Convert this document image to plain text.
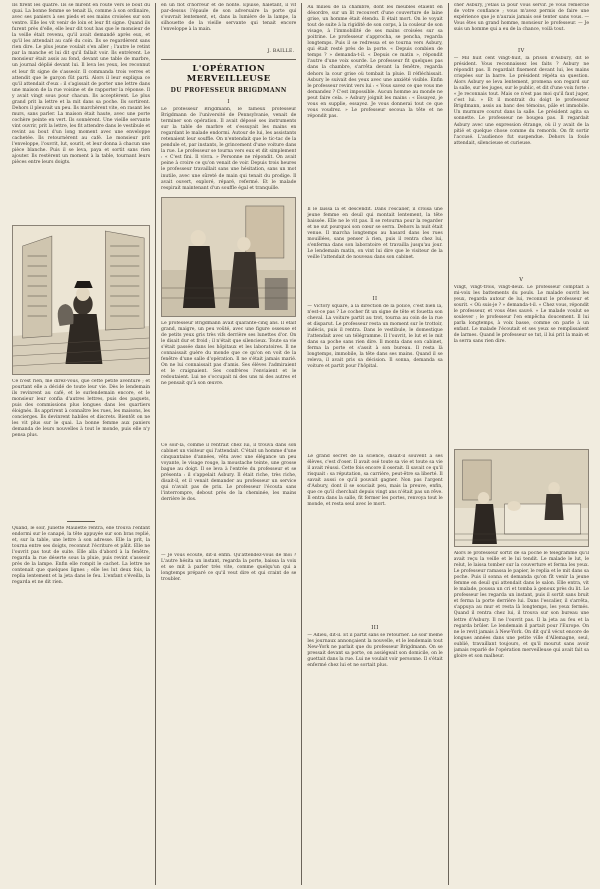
Ils firent les quatre. Ils se mirent en route vers le bout du quai. La bonne femme se tenait là, comme à son ordinaire, avec ses paniers à ses pieds et ses mains croisées sur son ventre. Elle les vit venir de loin et leur fit signe. Quand ils furent près d'elle, elle leur dit tout bas que le monsieur de la veille était revenu, qu'il avait demandé après eux, et qu'il les attendait au café du coin. Ils se regardèrent sans rien dire. Le plus jeune voulait s'en aller ; l'autre le retint par la manche et lui dit qu'il fallait voir. Ils entrèrent. Le monsieur était assis au fond, devant une table de marbre, un journal déplié devant lui. Il leva les yeux, les reconnut et leur fit signe de s'asseoir. Il commanda trois verres et attendit que le garçon fût parti. Alors il leur expliqua ce qu'il attendait d'eux : il s'agissait de porter une lettre dans une maison de la rue voisine et de rapporter la réponse. Il y avait vingt sous pour chacun. Ils acceptèrent. Le plus grand prit la lettre et la mit dans sa poche. Ils sortirent. Dehors il pleuvait un peu. Ils marchèrent vite, en rasant les murs, sans parler. La maison était haute, avec une porte cochère peinte en vert. Ils sonnèrent. Une vieille servante vint ouvrir, prit la lettre, les fit attendre dans le vestibule et revint au bout d'un long moment avec une enveloppe cachetée. Ils retournèrent au café. Le monsieur prit l'enveloppe, l'ouvrit, lut, sourit, et leur donna à chacun une pièce blanche. Puis il se leva, paya et sortit sans rien ajouter. Ils restèrent un moment à la table, tournant leurs pièces entre leurs doigts.
Ce n'est rien, me direz-vous, que cette petite aventure ; et pourtant elle a décidé de toute leur vie. Dès le lendemain ils revinrent au café, et le surlendemain encore, et le monsieur leur confia d'autres lettres, puis des paquets, puis des commissions plus longues dans les quartiers éloignés. Ils apprirent à connaître les rues, les maisons, les concierges. Ils devinrent habiles et discrets. Bientôt on ne les vit plus sur le quai. La bonne femme aux paniers demanda de leurs nouvelles à tout le monde, puis elle n'y pensa plus.
Quand, le soir, Juliette Maulette rentra, elle trouva l'enfant endormi sur le canapé, la tête appuyée sur son bras replié, et, sur la table, une lettre à son adresse. Elle la prit, la tourna entre ses doigts, reconnut l'écriture et pâlit. Elle ne l'ouvrit pas tout de suite. Elle alla d'abord à la fenêtre, regarda la rue déserte sous la pluie, puis revint s'asseoir près de la lampe. Enfin elle rompit le cachet. La lettre ne contenait que quelques lignes ; elle les lut deux fois, la replia lentement et la jeta dans le feu. L'enfant s'éveilla, la regarda et ne dit rien.
en un flot d'horreur et de honte. Épuisé, haletant, il vit par-dessus l'épaule de son adversaire la porte qui s'ouvrait lentement, et, dans la lumière de la lampe, la silhouette de la vieille servante qui tenait encore l'enveloppe à la main.
J. BAILLE.
L'OPÉRATION MERVEILLEUSE
DU PROFESSEUR BRIGDMANN
I
Le professeur Brigdmann, le fameux professeur Brigdmann de l'université de Pennsylvanie, venait de terminer son opération. Il avait déposé ses instruments sur la table de marbre et s'essuyait les mains en regardant le malade endormi. Autour de lui, les assistants retenaient leur souffle. On n'entendait que le tic-tac de la pendule et, par instants, le grincement d'une voiture dans la rue. Le professeur se tourna vers eux et dit simplement : « C'est fini. Il vivra. » Personne ne répondit. On avait peine à croire ce qu'on venait de voir. Depuis trois heures le professeur travaillait sans une hésitation, sans un mot inutile, avec une sûreté de main qui tenait du prodige. Il avait ouvert, exploré, réparé, refermé. Et le malade respirait maintenant d'un souffle égal et tranquille.
Le professeur Brigdmann avait quarante-cinq ans. Il était grand, maigre, un peu voûté, avec une figure osseuse et de petits yeux gris très vifs derrière ses lunettes d'or. On le disait dur et froid ; il n'était que silencieux. Toute sa vie s'était passée dans les hôpitaux et les laboratoires. Il ne connaissait guère du monde que ce qu'on en voit de la fenêtre d'une salle d'opération. Il ne s'était jamais marié. On ne lui connaissait pas d'amis. Ses élèves l'admiraient et le craignaient. Ses confrères l'enviaient et le redoutaient. Lui ne s'occupait ni des uns ni des autres et ne pensait qu'à son œuvre.
Ce soir-là, comme il rentrait chez lui, il trouva dans son cabinet un visiteur qui l'attendait. C'était un homme d'une cinquantaine d'années, vêtu avec une élégance un peu voyante, le visage rouge, la moustache teinte, une grosse bague au doigt. Il se leva à l'entrée du professeur et se présenta : il s'appelait Asbury. Il était riche, très riche, disait-il, et il venait demander au professeur un service qui n'avait pas de prix. Le professeur l'écouta sans l'interrompre, debout près de la cheminée, les mains derrière le dos.
— Je vous écoute, dit-il enfin. Qu'attendez-vous de moi ? L'autre hésita un instant, regarda la porte, baissa la voix et se mit à parler très vite, comme quelqu'un qui a longtemps préparé ce qu'il veut dire et qui craint de se troubler.
Au milieu de la chambre, dont les meubles étaient en désordre, sur un lit recouvert d'une couverture de laine grise, un homme était étendu. Il était mort. On le voyait tout de suite à la rigidité de son corps, à la couleur de son visage, à l'immobilité de ses mains croisées sur sa poitrine. Le professeur s'approcha, se pencha, regarda longtemps. Puis il se redressa et se tourna vers Asbury, qui était resté près de la porte. « Depuis combien de temps ? » demanda-t-il. « Depuis ce matin », répondit l'autre d'une voix sourde. Le professeur fit quelques pas dans la chambre, s'arrêta devant la fenêtre, regarda dehors la cour grise où tombait la pluie. Il réfléchissait. Asbury le suivait des yeux avec une anxiété visible. Enfin le professeur revint vers lui : « Vous savez ce que vous me demandez ? C'est impossible. Aucun homme au monde ne peut faire cela. » Asbury joignit les mains : « Essayez, je vous en supplie, essayez. Je vous donnerai tout ce que vous voudrez. » Le professeur secoua la tête et ne répondit pas.
Il le laissa là et descendit. Dans l'escalier, il croisa une jeune femme en deuil qui montait lentement, la tête baissée. Elle ne le vit pas. Il se retourna pour la regarder et ne sut pourquoi son cœur se serra. Dehors la nuit était venue. Il marcha longtemps au hasard dans les rues mouillées, sans penser à rien, puis il rentra chez lui, s'enferma dans son laboratoire et travailla jusqu'au jour. Le lendemain matin, on vint lui dire que le visiteur de la veille l'attendait de nouveau dans son cabinet.
II
— Victory square, à la direction de la police, c'est bien là, n'est-ce pas ? Le cocher fit un signe de tête et fouetta son cheval. La voiture partit au trot, tourna au coin de la rue et disparut. Le professeur resta un moment sur le trottoir, indécis, puis il rentra. Dans le vestibule, le domestique l'attendait avec un télégramme. Il l'ouvrit, le lut et le mit dans sa poche sans rien dire. Il monta dans son cabinet, ferma la porte et s'assit à son bureau. Il resta là longtemps, immobile, la tête dans ses mains. Quand il se releva, il avait pris sa décision. Il sonna, demanda sa voiture et partit pour l'hôpital.
Le grand secret de la science, disait-il souvent à ses élèves, c'est d'oser. Il avait osé toute sa vie et toute sa vie il avait réussi. Cette fois encore il oserait. Il savait ce qu'il risquait : sa réputation, sa carrière, peut-être sa liberté. Il savait aussi ce qu'il pouvait gagner. Non pas l'argent d'Asbury, dont il se souciait peu, mais la preuve, enfin, que ce qu'il cherchait depuis vingt ans n'était pas un rêve. Il entra dans la salle, fit fermer les portes, renvoya tout le monde, et resta seul avec le mort.
III
— Adieu, dit-il. Et il partit sans se retourner. Le soir même les journaux annonçaient la nouvelle, et le lendemain tout New-York ne parlait que du professeur Brigdmann. On se pressait devant sa porte, on assiégeait son domicile, on le guettait dans la rue. Lui ne voulait voir personne. Il s'était enfermé chez lui et ne sortait plus.
cher Asbury, j'étais là pour vous servir. Je vous remercie de votre confiance ; vous m'avez permis de faire une expérience que je n'aurais jamais osé tenter sans vous. — Vous êtes un grand homme, monsieur le professeur. — Je suis un homme qui a eu de la chance, voilà tout.
IV
— Mil huit cent vingt-huit, la prison d'Asbury, dit le président. Vous reconnaissez les faits ? Asbury ne répondit pas. Il regardait fixement devant lui, les mains crispées sur la barre. Le président répéta sa question. Alors Asbury se leva lentement, promena son regard sur la salle, sur les juges, sur le public, et dit d'une voix forte : « Je reconnais tout. Mais ce n'est pas moi qu'il faut juger, c'est lui. » Et il montrait du doigt le professeur Brigdmann, assis au banc des témoins, pâle et immobile. Un murmure courut dans la salle. Le président agita sa sonnette. Le professeur ne bougea pas. Il regardait Asbury avec une expression étrange, où il y avait de la pitié et quelque chose comme du remords. On fit sortir l'accusé. L'audience fut suspendue. Dehors la foule attendait, silencieuse et curieuse.
V
Vingt, vingt-trois, vingt-deux. Le professeur comptait à mi-voix les battements du pouls. Le malade ouvrit les yeux, regarda autour de lui, reconnut le professeur et sourit. « Où suis-je ? » demanda-t-il. « Chez vous, répondit le professeur, et vous êtes sauvé. » Le malade voulut se soulever ; le professeur l'en empêcha doucement. Il lui parla longtemps, à voix basse, comme on parle à un enfant. Le malade l'écoutait et ses yeux se remplissaient de larmes. Quand le professeur se tut, il lui prit la main et la serra sans rien dire.
Alors le professeur sortit de sa poche le télégramme qu'il avait reçu la veille et le lui tendit. Le malade le lut, le relut, le laissa tomber sur la couverture et ferma les yeux. Le professeur ramassa le papier, le replia et le mit dans sa poche. Puis il sonna et demanda qu'on fît venir la jeune femme en deuil qui attendait dans le salon. Elle entra, vit le malade, poussa un cri et tomba à genoux près du lit. Le professeur les regarda un instant, puis il sortit sans bruit et ferma la porte derrière lui. Dans l'escalier, il s'arrêta, s'appuya au mur et resta là longtemps, les yeux fermés. Quand il rentra chez lui, il trouva sur son bureau une lettre d'Asbury. Il ne l'ouvrit pas. Il la jeta au feu et la regarda brûler. Le lendemain il partait pour l'Europe. On ne le revit jamais à New-York. On dit qu'il vécut encore de longues années dans une petite ville d'Allemagne, seul, oublié, travaillant toujours, et qu'il mourut sans avoir jamais reparlé de l'opération merveilleuse qui avait fait sa gloire et son malheur.
